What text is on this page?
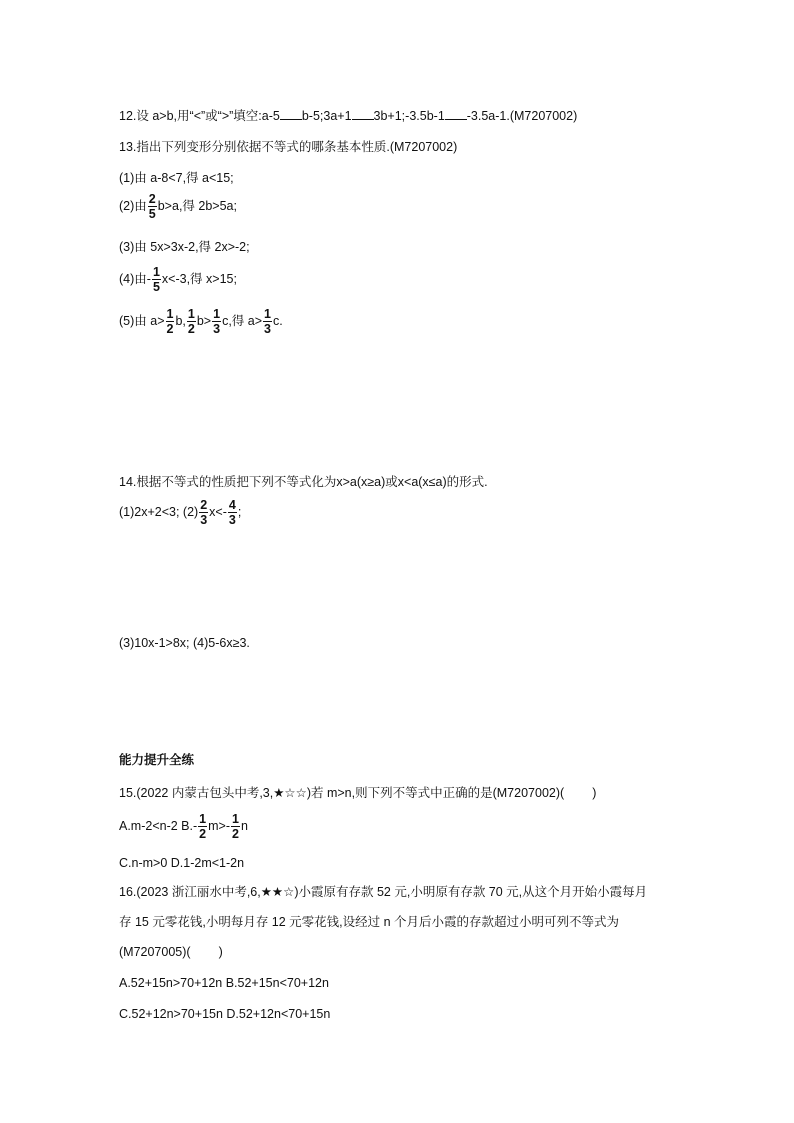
12.设 a>b,用“<”或“>”填空:a-5 b-5;3a+1 3b+1;-3.5b-1 -3.5a-1.(M7207002)
13.指出下列变形分别依据不等式的哪条基本性质.(M7207002)
(1)由 a-8<7,得 a<15;
(2)由 $\frac{2}{5} b>a$,得 2b>5a;
(3)由 5x>3x-2,得 2x>-2;
(4)由- $\frac{1}{5} x<-3$,得 x>15;
(5)由 $a> \frac{1}{2} b$, $\frac{1}{2} b> \frac{1}{3} c$,得 $a> \frac{1}{3} c$.
14.根据不等式的性质把下列不等式化为x>a(x≥a)或x<a(x≤a)的形式.
(1)2x+2<3; $(2) \frac{2}{3} x<- \frac{4}{3}$ ;
(3)10x-1>8x; (4)5-6x≥3.
能力提升全练
15.(2022 内蒙古包头中考,3,★☆☆)若 m>n,则下列不等式中正确的是(M7207002)( )
A.m-2<n-2 $B.- \frac{1}{2} m>- \frac{1}{2}$ n
C.n-m>0 D.1-2m<1-2n
16.(2023 浙江丽水中考,6,★★☆)小霞原有存款 52 元,小明原有存款 70 元,从这个月开始小霞每月
存 15 元零花钱,小明每月存 12 元零花钱,设经过 n 个月后小霞的存款超过小明可列不等式为
(M7207005)( )
A.52+15n>70+12n B.52+15n<70+12n
C.52+12n>70+15n D.52+12n<70+15n
